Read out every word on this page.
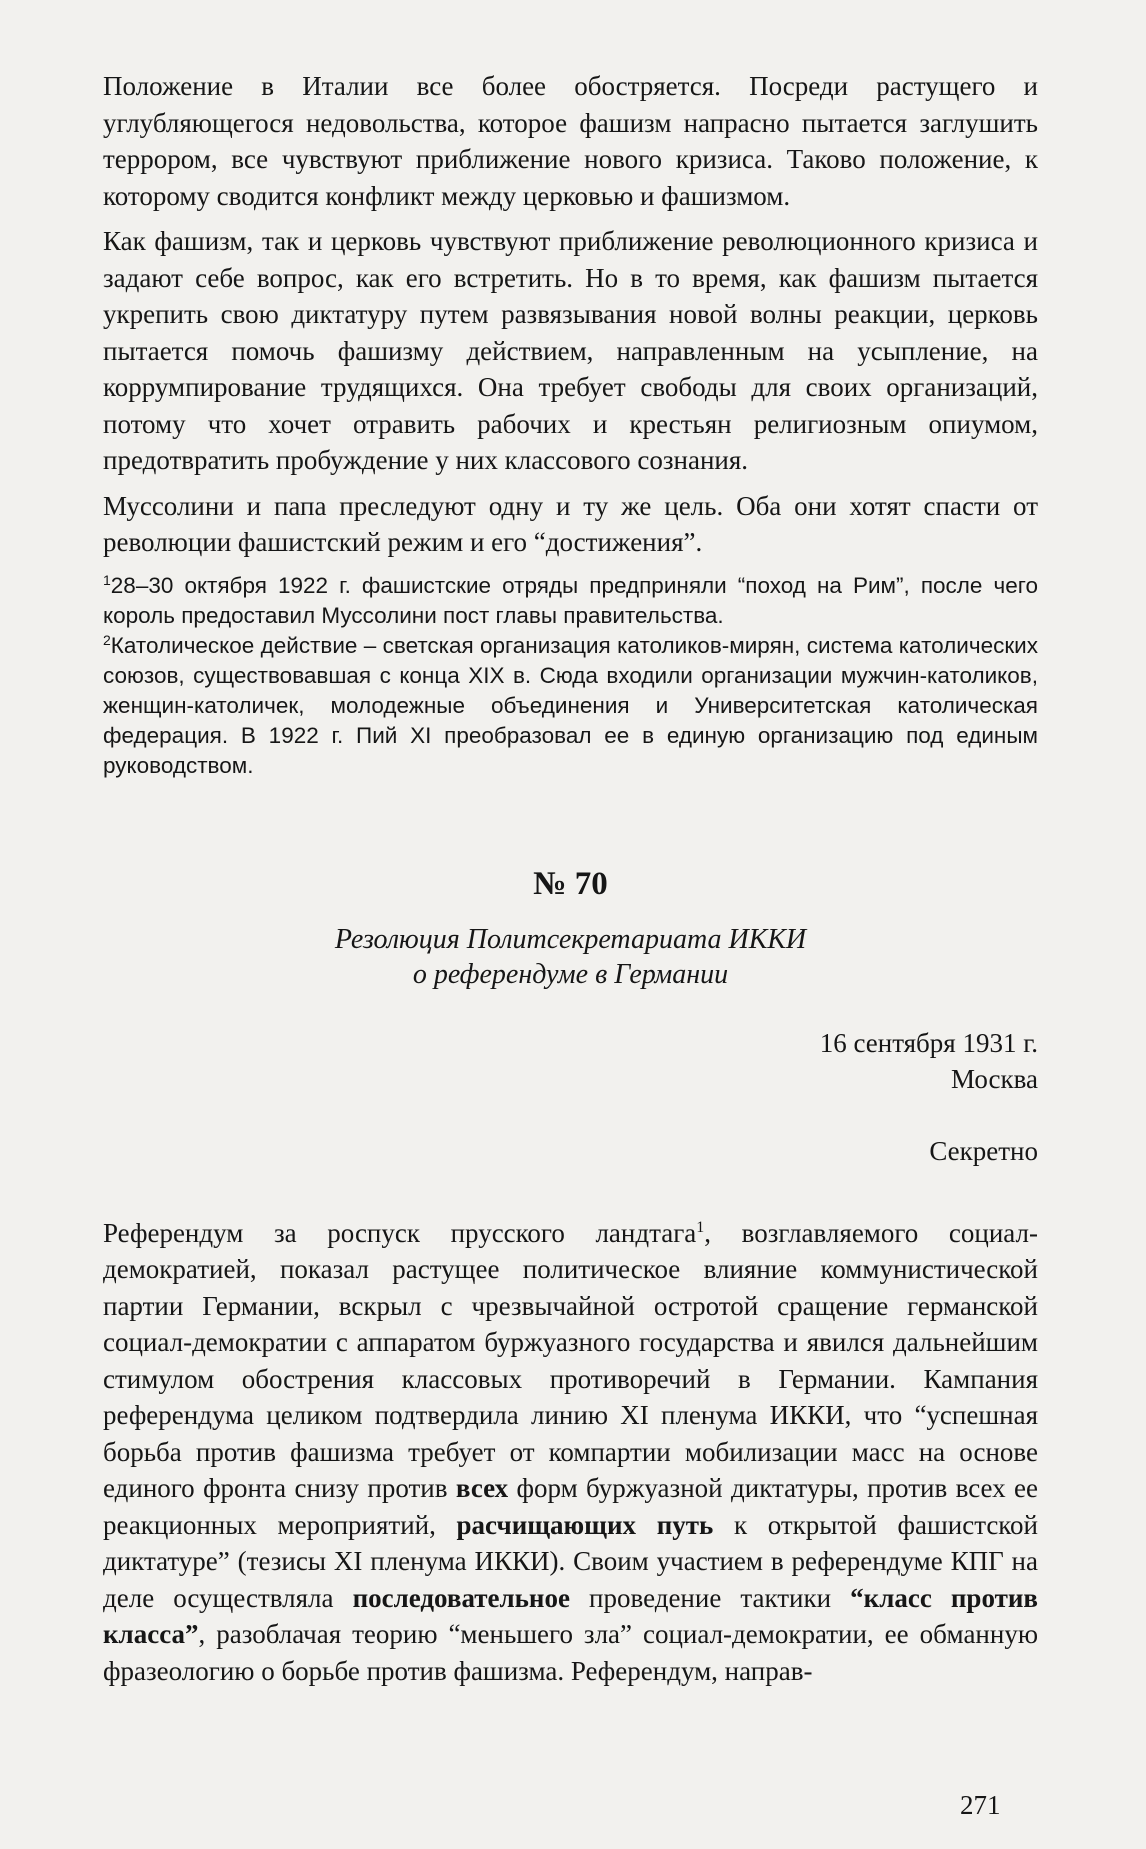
Положение в Италии все более обостряется. Посреди растущего и углубляющегося недовольства, которое фашизм напрасно пытается заглушить террором, все чувствуют приближение нового кризиса. Таково положение, к которому сводится конфликт между церковью и фашизмом.

Как фашизм, так и церковь чувствуют приближение революционного кризиса и задают себе вопрос, как его встретить. Но в то время, как фашизм пытается укрепить свою диктатуру путем развязывания новой волны реакции, церковь пытается помочь фашизму действием, направленным на усыпление, на коррумпирование трудящихся. Она требует свободы для своих организаций, потому что хочет отравить рабочих и крестьян религиозным опиумом, предотвратить пробуждение у них классового сознания.

Муссолини и папа преследуют одну и ту же цель. Оба они хотят спасти от революции фашистский режим и его “достижения”.

$^1$28–30 октября 1922 г. фашистские отряды предприняли “поход на Рим”, после чего король предоставил Муссолини пост главы правительства.

$^2$Католическое действие – светская организация католиков-мирян, система католических союзов, существовавшая с конца XIX в. Сюда входили организации мужчин-католиков, женщин-католичек, молодежные объединения и Университетская католическая федерация. В 1922 г. Пий XI преобразовал ее в единую организацию под единым руководством.

№ 70
Резолюция Политсекретариата ИККИ
о референдуме в Германии
16 сентября 1931 г.
Москва
Секретно

Референдум за роспуск прусского ландтага$^1$, возглавляемого социал-демократией, показал растущее политическое влияние коммунистической партии Германии, вскрыл с чрезвычайной остротой сращение германской социал-демократии с аппаратом буржуазного государства и явился дальнейшим стимулом обострения классовых противоречий в Германии. Кампания референдума целиком подтвердила линию XI пленума ИККИ, что “успешная борьба против фашизма требует от компартии мобилизации масс на основе единого фронта снизу против всех форм буржуазной диктатуры, против всех ее реакционных мероприятий, расчищающих путь к открытой фашистской диктатуре” (тезисы XI пленума ИККИ). Своим участием в референдуме КПГ на деле осуществляла последовательное проведение тактики “класс против класса”, разоблачая теорию “меньшего зла” социал-демократии, ее обманную фразеологию о борьбе против фашизма. Референдум, направ-

271
